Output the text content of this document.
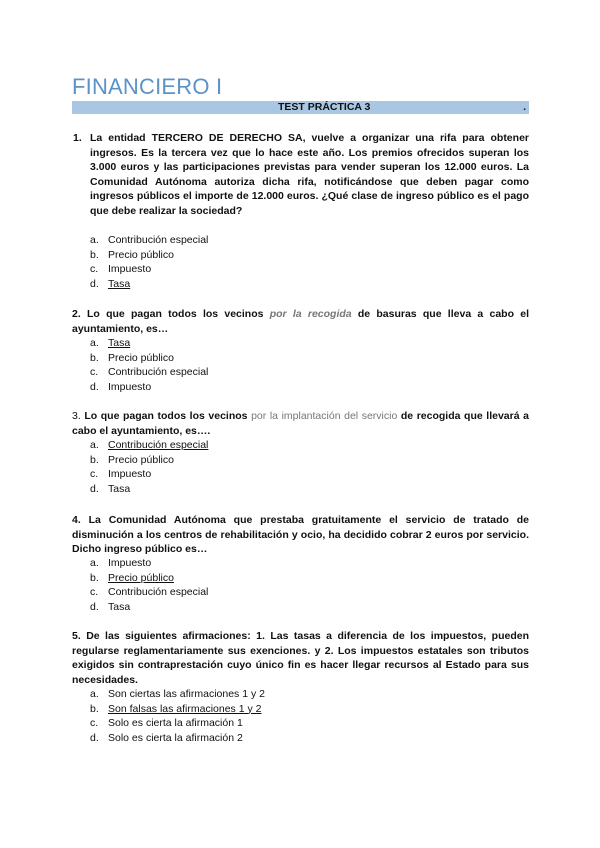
FINANCIERO I
TEST PRÁCTICA 3	.
1. La entidad TERCERO DE DERECHO SA, vuelve a organizar una rifa para obtener ingresos. Es la tercera vez que lo hace este año. Los premios ofrecidos superan los 3.000 euros y las participaciones previstas para vender superan los 12.000 euros. La Comunidad Autónoma autoriza dicha rifa, notificándose que deben pagar como ingresos públicos el importe de 12.000 euros. ¿Qué clase de ingreso público es el pago que debe realizar la sociedad?
a. Contribución especial
b. Precio público
c. Impuesto
d. Tasa
2. Lo que pagan todos los vecinos por la recogida de basuras que lleva a cabo el ayuntamiento, es…
a. Tasa
b. Precio público
c. Contribución especial
d. Impuesto
3. Lo que pagan todos los vecinos por la implantación del servicio de recogida que llevará a cabo el ayuntamiento, es….
a. Contribución especial
b. Precio público
c. Impuesto
d. Tasa
4. La Comunidad Autónoma que prestaba gratuitamente el servicio de tratado de disminución a los centros de rehabilitación y ocio, ha decidido cobrar 2 euros por servicio. Dicho ingreso público es…
a. Impuesto
b. Precio público
c. Contribución especial
d. Tasa
5. De las siguientes afirmaciones: 1. Las tasas a diferencia de los impuestos, pueden regularse reglamentariamente sus exenciones. y 2. Los impuestos estatales son tributos exigidos sin contraprestación cuyo único fin es hacer llegar recursos al Estado para sus necesidades.
a. Son ciertas las afirmaciones 1 y 2
b. Son falsas las afirmaciones 1 y 2
c. Solo es cierta la afirmación 1
d. Solo es cierta la afirmación 2
